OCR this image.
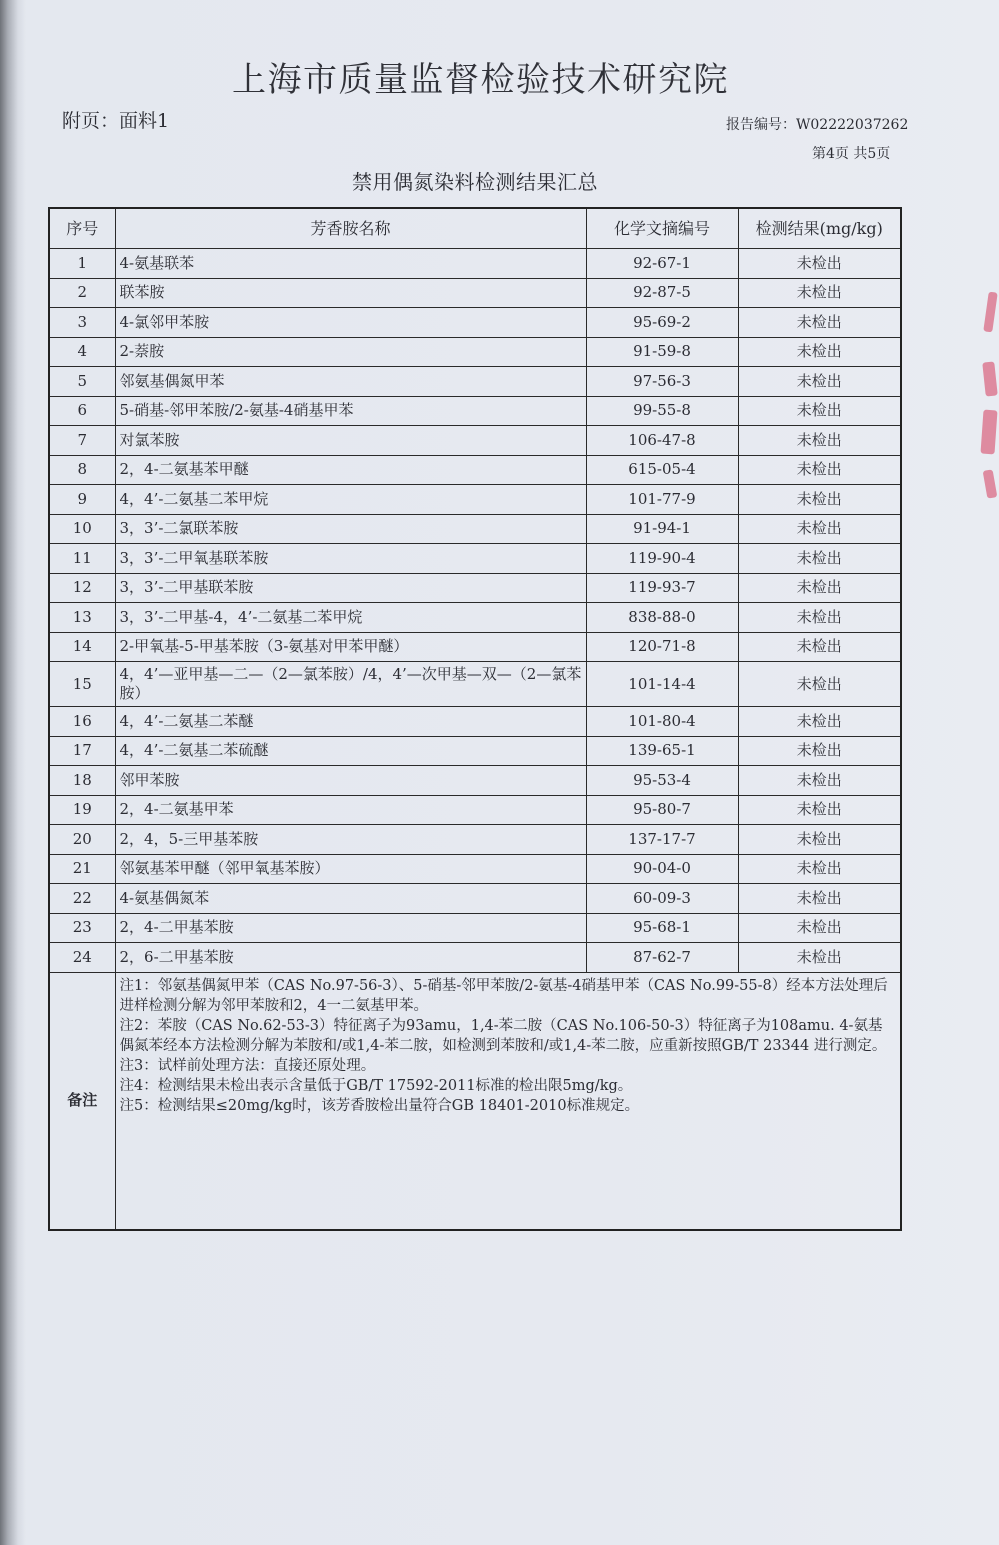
上海市质量监督检验技术研究院
附页：面料1	报告编号：W02222037262
第4页 共5页
禁用偶氮染料检测结果汇总
序号	芳香胺名称	化学文摘编号	检测结果(mg/kg)
1	4-氨基联苯	92-67-1	未检出
2	联苯胺	92-87-5	未检出
3	4-氯邻甲苯胺	95-69-2	未检出
4	2-萘胺	91-59-8	未检出
5	邻氨基偶氮甲苯	97-56-3	未检出
6	5-硝基-邻甲苯胺/2-氨基-4硝基甲苯	99-55-8	未检出
7	对氯苯胺	106-47-8	未检出
8	2，4-二氨基苯甲醚	615-05-4	未检出
9	4，4’-二氨基二苯甲烷	101-77-9	未检出
10	3，3’-二氯联苯胺	91-94-1	未检出
11	3，3’-二甲氧基联苯胺	119-90-4	未检出
12	3，3’-二甲基联苯胺	119-93-7	未检出
13	3，3’-二甲基-4，4’-二氨基二苯甲烷	838-88-0	未检出
14	2-甲氧基-5-甲基苯胺（3-氨基对甲苯甲醚）	120-71-8	未检出
15	4，4’—亚甲基—二—（2—氯苯胺）/4，4’—次甲基—双—（2—氯苯胺）	101-14-4	未检出
16	4，4’-二氨基二苯醚	101-80-4	未检出
17	4，4’-二氨基二苯硫醚	139-65-1	未检出
18	邻甲苯胺	95-53-4	未检出
19	2，4-二氨基甲苯	95-80-7	未检出
20	2，4，5-三甲基苯胺	137-17-7	未检出
21	邻氨基苯甲醚（邻甲氧基苯胺）	90-04-0	未检出
22	4-氨基偶氮苯	60-09-3	未检出
23	2，4-二甲基苯胺	95-68-1	未检出
24	2，6-二甲基苯胺	87-62-7	未检出
备注	注1：邻氨基偶氮甲苯（CAS No.97-56-3）、5-硝基-邻甲苯胺/2-氨基-4硝基甲苯（CAS No.99-55-8）经本方法处理后进样检测分解为邻甲苯胺和2，4一二氨基甲苯。

注2：苯胺（CAS No.62-53-3）特征离子为93amu，1,4-苯二胺（CAS No.106-50-3）特征离子为108amu. 4-氨基偶氮苯经本方法检测分解为苯胺和/或1,4-苯二胺，如检测到苯胺和/或1,4-苯二胺，应重新按照GB/T 23344 进行测定。

注3：试样前处理方法：直接还原处理。

注4：检测结果未检出表示含量低于GB/T 17592-2011标准的检出限5mg/kg。

注5：检测结果≤20mg/kg时，该芳香胺检出量符合GB 18401-2010标准规定。		
